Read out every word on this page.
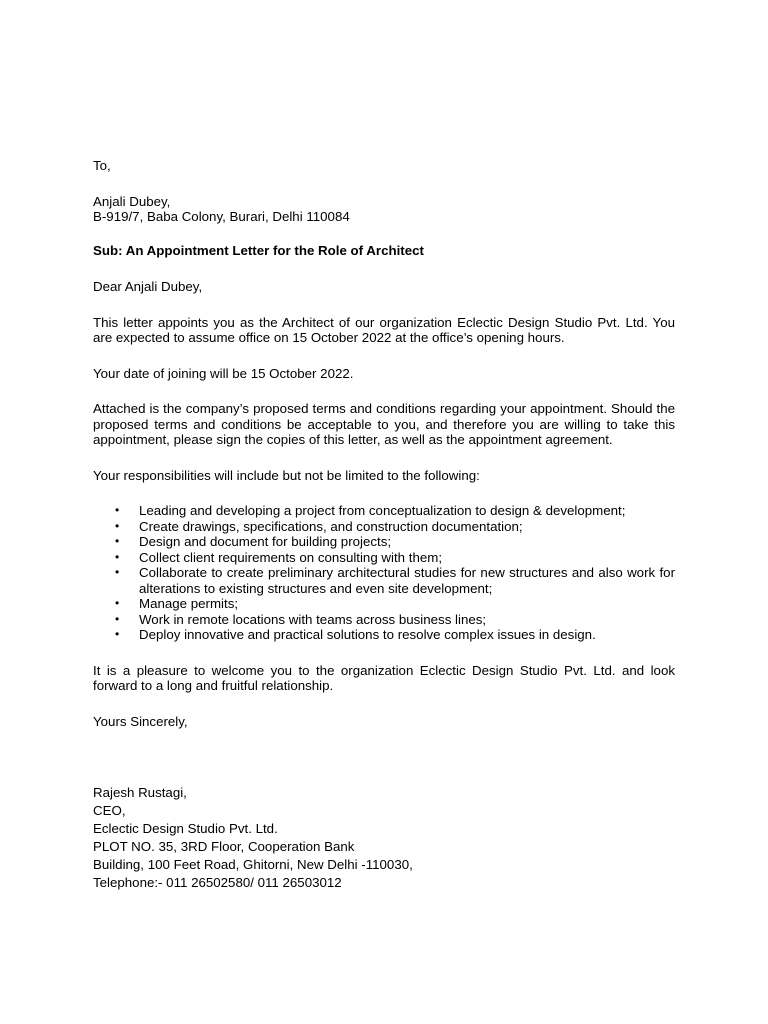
To,

Anjali Dubey,
B-919/7, Baba Colony, Burari, Delhi 110084

Sub: An Appointment Letter for the Role of Architect

Dear Anjali Dubey,

This letter appoints you as the Architect of our organization Eclectic Design Studio Pvt. Ltd. You are expected to assume office on 15 October 2022 at the office’s opening hours.

Your date of joining will be 15 October 2022.

Attached is the company’s proposed terms and conditions regarding your appointment. Should the proposed terms and conditions be acceptable to you, and therefore you are willing to take this appointment, please sign the copies of this letter, as well as the appointment agreement.

Your responsibilities will include but not be limited to the following:

• Leading and developing a project from conceptualization to design & development;
• Create drawings, specifications, and construction documentation;
• Design and document for building projects;
• Collect client requirements on consulting with them;
• Collaborate to create preliminary architectural studies for new structures and also work for alterations to existing structures and even site development;
• Manage permits;
• Work in remote locations with teams across business lines;
• Deploy innovative and practical solutions to resolve complex issues in design.

It is a pleasure to welcome you to the organization Eclectic Design Studio Pvt. Ltd. and look forward to a long and fruitful relationship.

Yours Sincerely,

Rajesh Rustagi,
CEO,
Eclectic Design Studio Pvt. Ltd.
PLOT NO. 35, 3RD Floor, Cooperation Bank
Building, 100 Feet Road, Ghitorni, New Delhi -110030,
Telephone:- 011 26502580/ 011 26503012
